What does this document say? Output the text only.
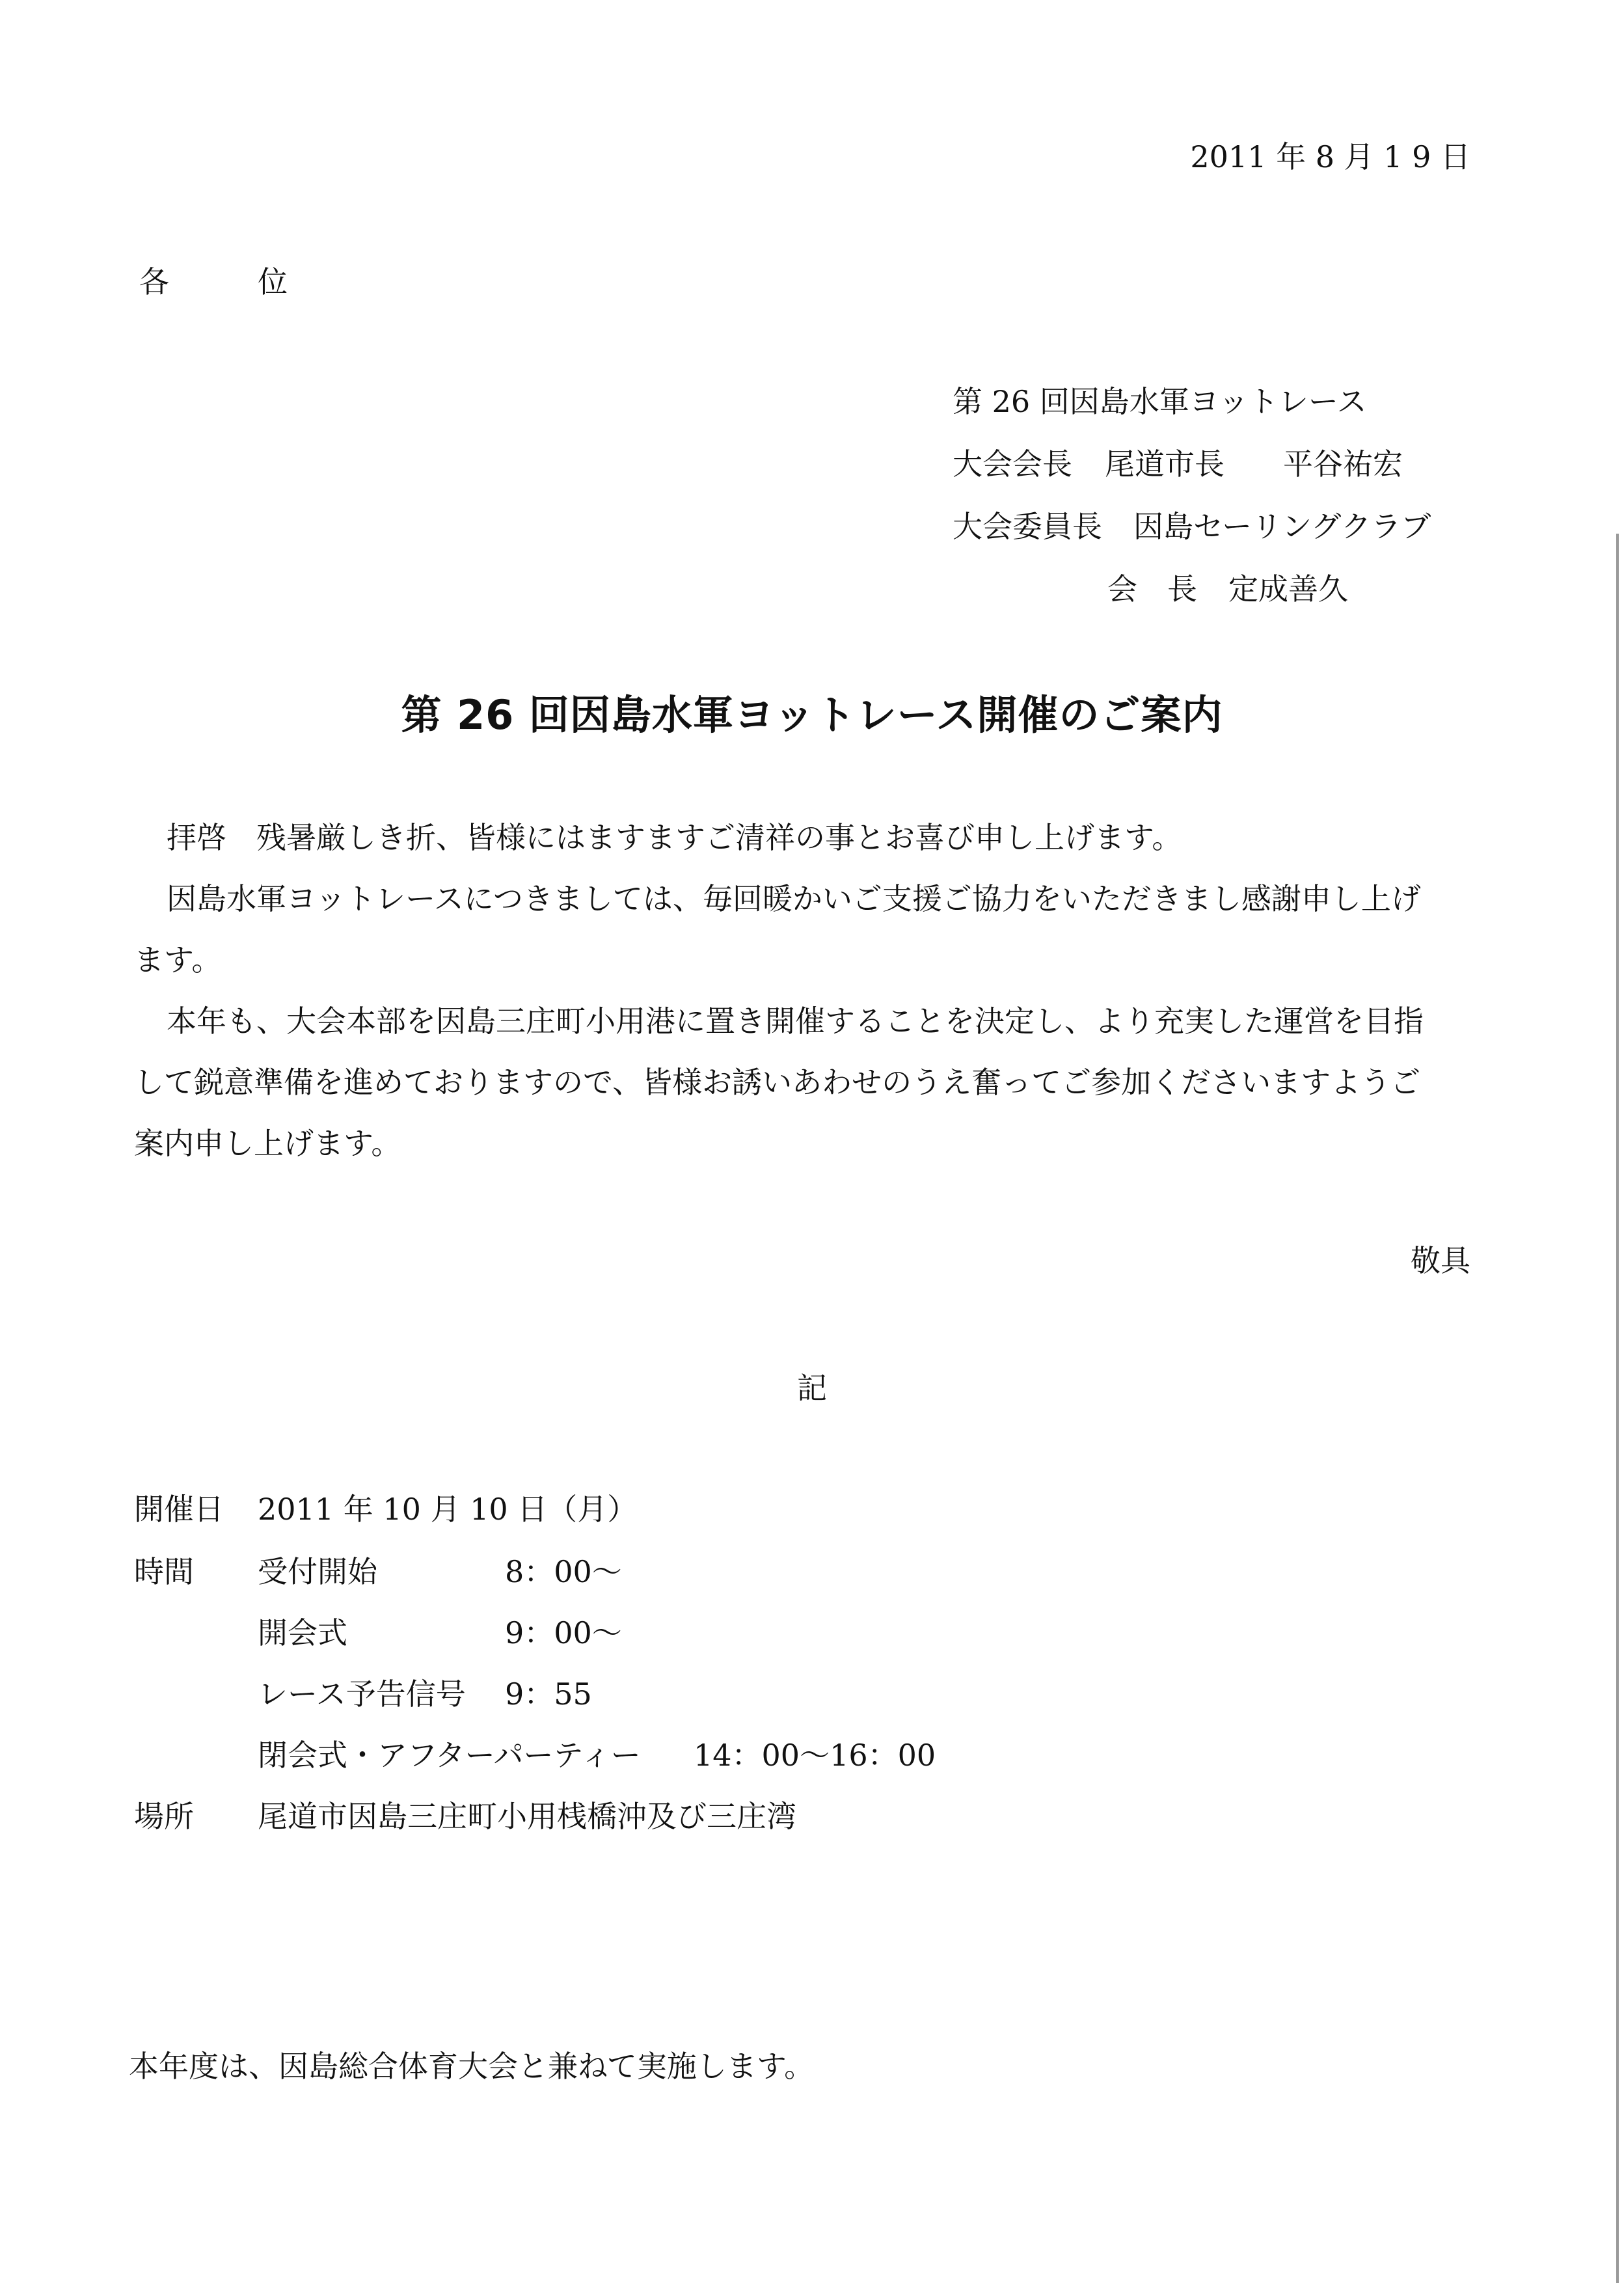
2011 年 8 月 1 9 日
各位
第 26 回因島水軍ヨットレース
大会会長 尾道市長 平谷祐宏
大会委員長 因島セーリングクラブ
会　長 定成善久
第 26 回因島水軍ヨットレース開催のご案内
拝啓　残暑厳しき折、皆様にはますますご清祥の事とお喜び申し上げます。
因島水軍ヨットレースにつきましては、毎回暖かいご支援ご協力をいただきまし感謝申し上げ
ます。
本年も、大会本部を因島三庄町小用港に置き開催することを決定し、より充実した運営を目指
して鋭意準備を進めておりますので、皆様お誘いあわせのうえ奮ってご参加くださいますようご
案内申し上げます。
敬具
記
開催日 2011 年 10 月 10 日（月）
時間 受付開始	8：00～
開会式	9：00～
レース予告信号 9：55
閉会式・アフターパーティー 14：00～16：00
場所 尾道市因島三庄町小用桟橋沖及び三庄湾
本年度は、因島総合体育大会と兼ねて実施します。
